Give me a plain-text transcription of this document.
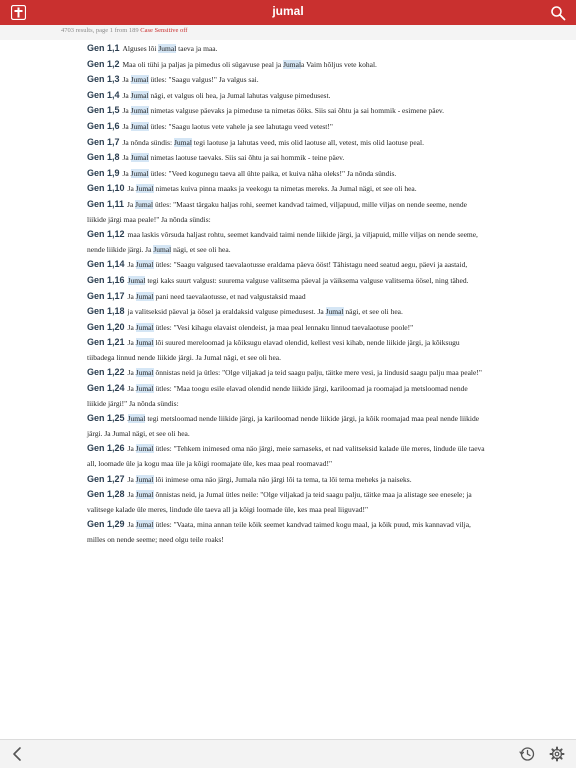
jumal
4703 results, page 1 from 189 Case Sensitive off
Gen 1,1 Alguses lõi Jumal taeva ja maa.
Gen 1,2 Maa oli tühi ja paljas ja pimedus oli sügavuse peal ja Jumala Vaim hõljus vete kohal.
Gen 1,3 Ja Jumal ütles: "Saagu valgus!" Ja valgus sai.
Gen 1,4 Ja Jumal nägi, et valgus oli hea, ja Jumal lahutas valguse pimedusest.
Gen 1,5 Ja Jumal nimetas valguse päevaks ja pimeduse ta nimetas ööks. Siis sai õhtu ja sai hommik - esimene päev.
Gen 1,6 Ja Jumal ütles: "Saagu laotus vete vahele ja see lahutagu veed vetest!"
Gen 1,7 Ja nõnda sündis: Jumal tegi laotuse ja lahutas veed, mis olid laotuse all, vetest, mis olid laotuse peal.
Gen 1,8 Ja Jumal nimetas laotuse taevaks. Siis sai õhtu ja sai hommik - teine päev.
Gen 1,9 Ja Jumal ütles: "Veed kogunegu taeva all ühte paika, et kuiva näha oleks!" Ja nõnda sündis.
Gen 1,10 Ja Jumal nimetas kuiva pinna maaks ja veekogu ta nimetas mereks. Ja Jumal nägi, et see oli hea.
Gen 1,11 Ja Jumal ütles: "Maast tärgaku haljas rohi, seemet kandvad taimed, viljapuud, mille viljas on nende seeme, nende liikide järgi maa peale!" Ja nõnda sündis:
Gen 1,12 maa laskis võrsuda haljast rohtu, seemet kandvaid taimi nende liikide järgi, ja viljapuid, mille viljas on nende seeme, nende liikide järgi. Ja Jumal nägi, et see oli hea.
Gen 1,14 Ja Jumal ütles: "Saagu valgused taevalaotusse eraldama päeva ööst! Tähistagu need seatud aegu, päevi ja aastaid,
Gen 1,16 Jumal tegi kaks suurt valgust: suurema valguse valitsema päeval ja väiksema valguse valitsema öösel, ning tähed.
Gen 1,17 Ja Jumal pani need taevalaotusse, et nad valgustaksid maad
Gen 1,18 ja valitseksid päeval ja öösel ja eraldaksid valguse pimedusest. Ja Jumal nägi, et see oli hea.
Gen 1,20 Ja Jumal ütles: "Vesi kihagu elavaist olendeist, ja maa peal lennaku linnud taevalaotuse poole!"
Gen 1,21 Ja Jumal lõi suured mereloomad ja kõiksugu elavad olendid, kellest vesi kihab, nende liikide järgi, ja kõiksugu tiibadega linnud nende liikide järgi. Ja Jumal nägi, et see oli hea.
Gen 1,22 Ja Jumal õnnistas neid ja ütles: "Olge viljakad ja teid saagu palju, täitke mere vesi, ja lindusid saagu palju maa peale!"
Gen 1,24 Ja Jumal ütles: "Maa toogu esile elavad olendid nende liikide järgi, kariloomad ja roomajad ja metsloomad nende liikide järgi!" Ja nõnda sündis:
Gen 1,25 Jumal tegi metsloomad nende liikide järgi, ja kariloomad nende liikide järgi, ja kõik roomajad maa peal nende liikide järgi. Ja Jumal nägi, et see oli hea.
Gen 1,26 Ja Jumal ütles: "Tehkem inimesed oma näo järgi, meie sarnaseks, et nad valitseksid kalade üle meres, lindude üle taeva all, loomade üle ja kogu maa üle ja kõigi roomajate üle, kes maa peal roomavad!"
Gen 1,27 Ja Jumal lõi inimese oma näo järgi, Jumala näo järgi lõi ta tema, ta lõi tema meheks ja naiseks.
Gen 1,28 Ja Jumal õnnistas neid, ja Jumal ütles neile: "Olge viljakad ja teid saagu palju, täitke maa ja alistage see enesele; ja valitsege kalade üle meres, lindude üle taeva all ja kõigi loomade üle, kes maa peal liiguvad!"
Gen 1,29 Ja Jumal ütles: "Vaata, mina annan teile kõik seemet kandvad taimed kogu maal, ja kõik puud, mis kannavad vilja, milles on nende seeme; need olgu teile roaks!
